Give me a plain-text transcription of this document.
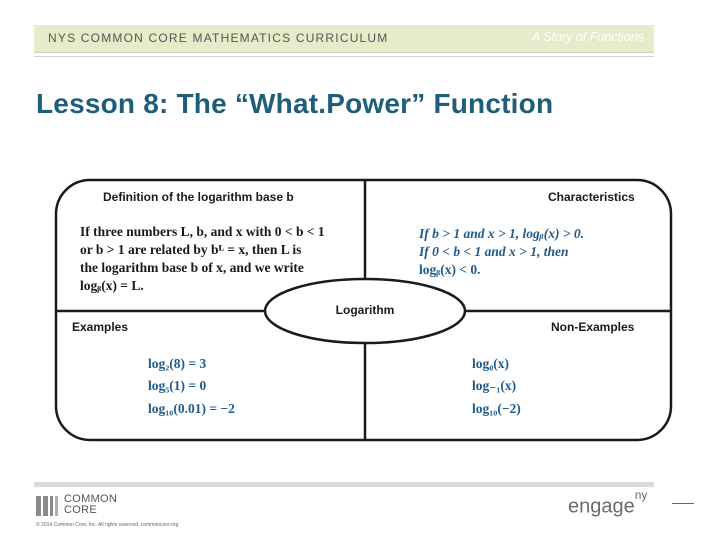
NYS COMMON CORE MATHEMATICS CURRICULUM	A Story of Functions
Lesson 8: The “What.Power” Function
Definition of the logarithm base b
If three numbers L, b, and x with 0 < b < 1
or b > 1 are related by bᴸ = x, then L is
the logarithm base b of x, and we write
logᵦ(x) = L.
Characteristics
If b > 1 and x > 1, logᵦ(x) > 0.
If 0 < b < 1 and x > 1, then
logᵦ(x) < 0.
Logarithm
Examples
log₂(8) = 3
log₅(1) = 0
log₁₀(0.01) = −2
Non-Examples
log₀(x)
log₋₁(x)
log₁₀(−2)
COMMON
CORE
© 2014 Common Core, Inc. All rights reserved. commoncore.org
engage$^{ny}$
